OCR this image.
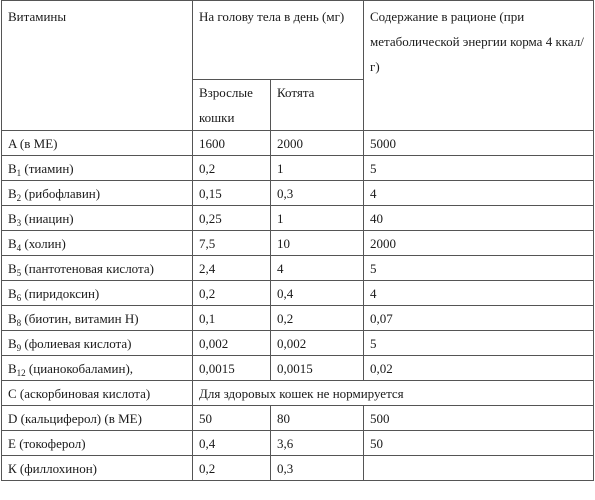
Витамины	На голову тела в день (мг)		Содержание в рационе (при метаболической энергии корма 4 ккал/г)
	Взрослые кошки	Котята	
A (в МЕ)	1600	2000	5000
$B_1$ (тиамин)	0,2	1	5
$B_2$ (рибофлавин)	0,15	0,3	4
$B_3$ (ниацин)	0,25	1	40
$B_4$ (холин)	7,5	10	2000
$B_5$ (пантотеновая кислота)	2,4	4	5
$B_6$ (пиридоксин)	0,2	0,4	4
$B_8$ (биотин, витамин H)	0,1	0,2	0,07
$B_9$ (фолиевая кислота)	0,002	0,002	5
$B_{12}$ (цианокобаламин),	0,0015	0,0015	0,02
C (аскорбиновая кислота)	Для здоровых кошек не нормируется		
D (кальциферол) (в МЕ)	50	80	500
E (токоферол)	0,4	3,6	50
К (филлохинон)	0,2	0,3	
